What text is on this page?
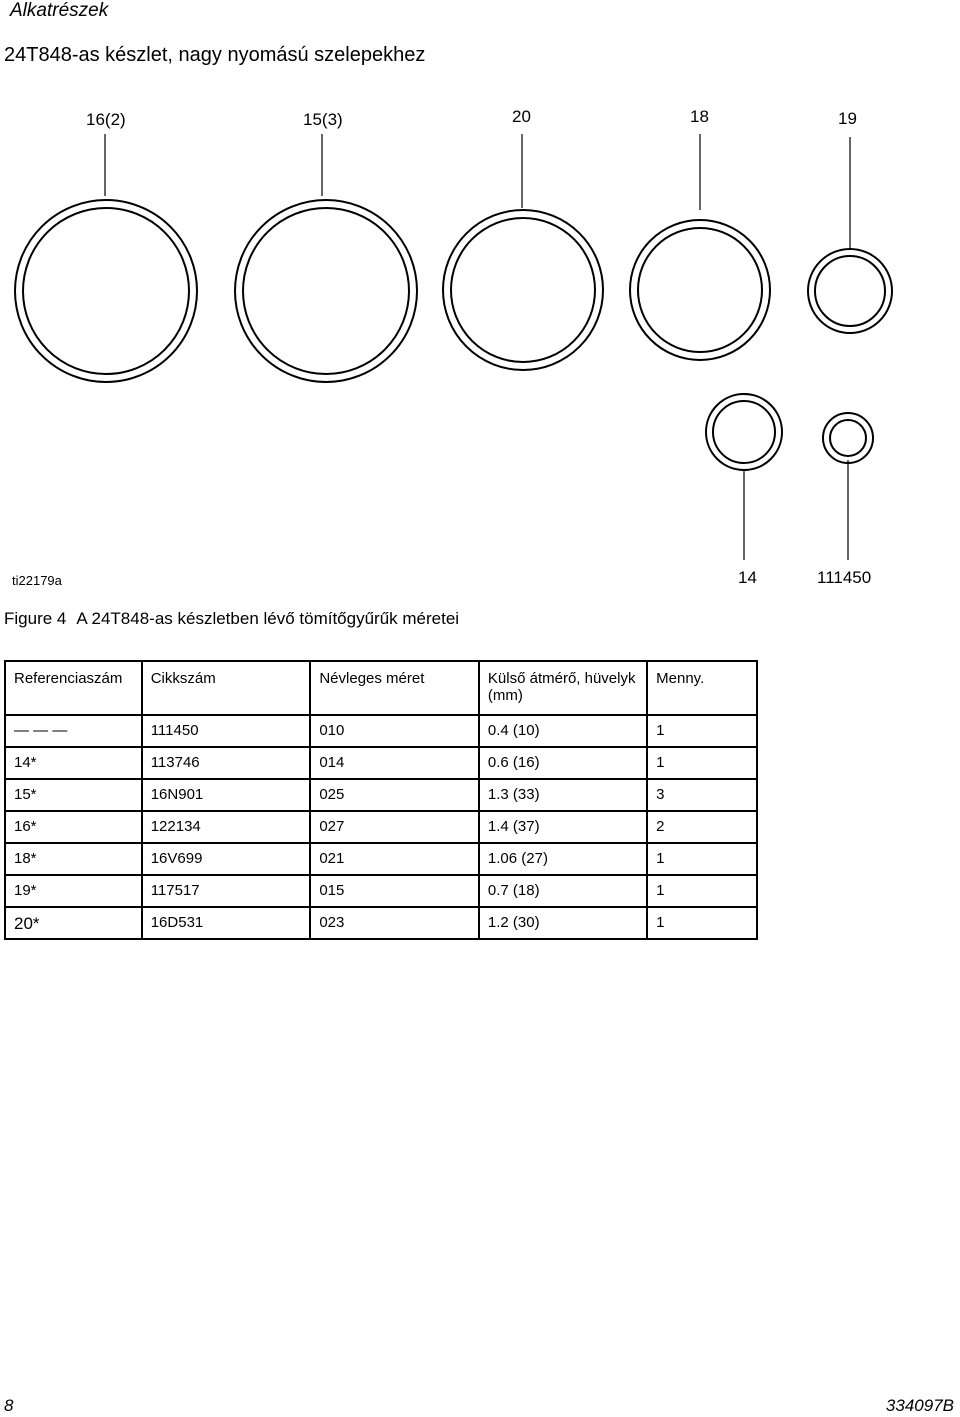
Alkatrészek
24T848-as készlet, nagy nyomású szelepekhez
16(2)	15(3)	20	18	19
14	111450
ti22179a
Figure 4 A 24T848-as készletben lévő tömítőgyűrűk méretei
Referenciaszám	Cikkszám	Névleges méret	Külső átmérő, hüvelyk (mm)	Menny.
— — —	111450	010	0.4 (10)	1
14*	113746	014	0.6 (16)	1
15*	16N901	025	1.3 (33)	3
16*	122134	027	1.4 (37)	2
18*	16V699	021	1.06 (27)	1
19*	117517	015	0.7 (18)	1
20*	16D531	023	1.2 (30)	1
8	334097B
